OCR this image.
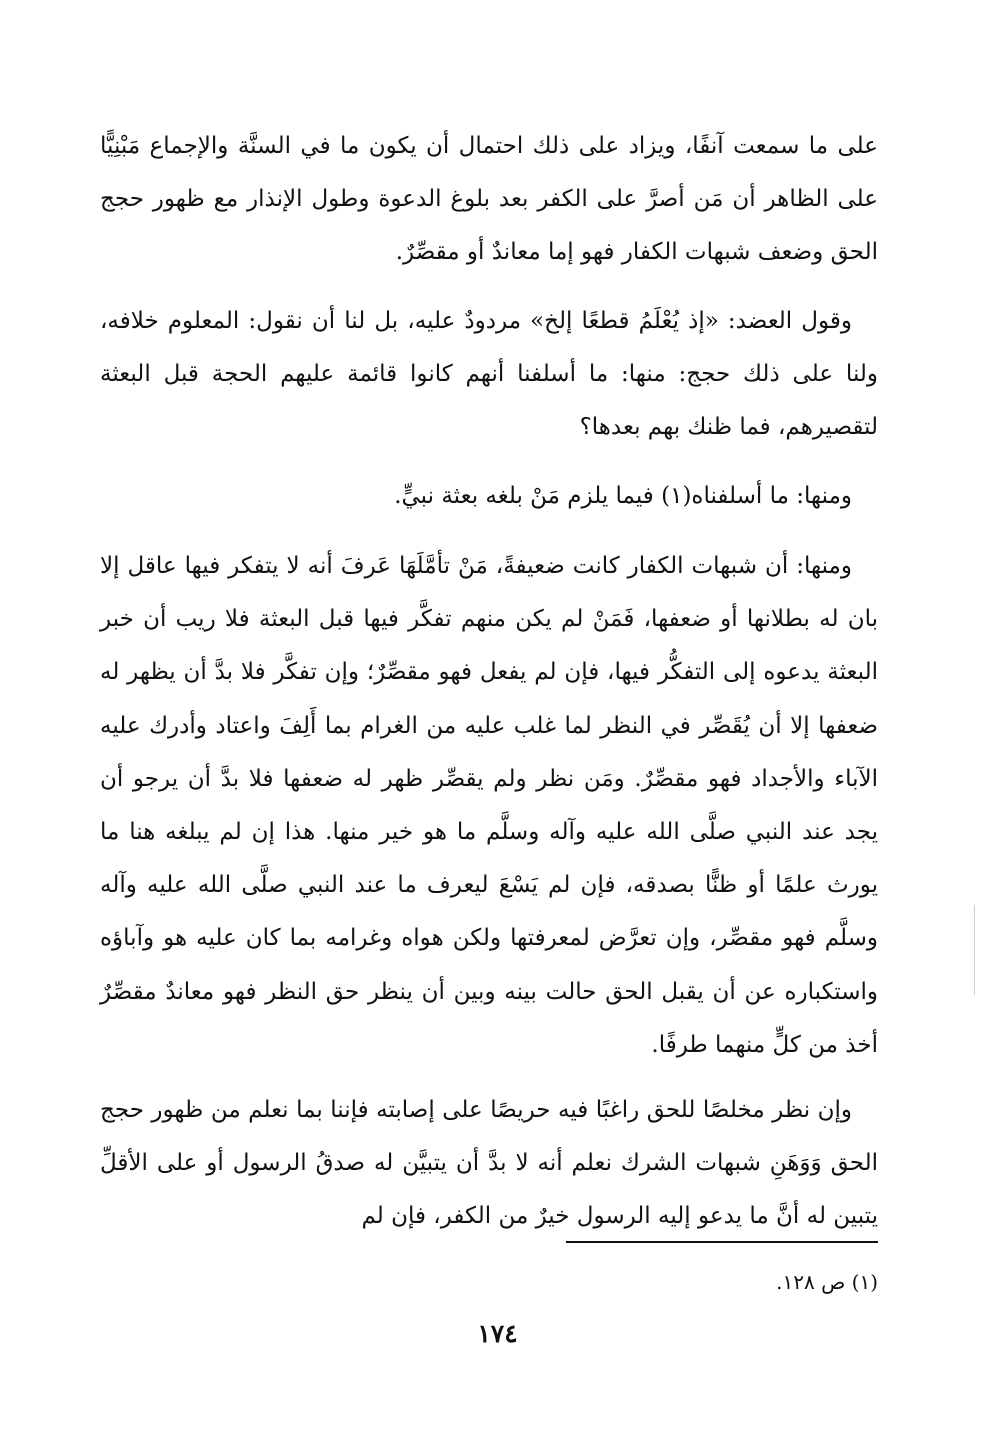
على ما سمعت آنفًا، ويزاد على ذلك احتمال أن يكون ما في السنَّة والإجماع مَبْنِيًّا على الظاهر أن مَن أصرَّ على الكفر بعد بلوغ الدعوة وطول الإنذار مع ظهور حجج الحق وضعف شبهات الكفار فهو إما معاندٌ أو مقصِّرٌ.

وقول العضد: «إذ يُعْلَمُ قطعًا إلخ» مردودٌ عليه، بل لنا أن نقول: المعلوم خلافه، ولنا على ذلك حجج: منها: ما أسلفنا أنهم كانوا قائمة عليهم الحجة قبل البعثة لتقصيرهم، فما ظنك بهم بعدها؟

ومنها: ما أسلفناه(١) فيما يلزم مَنْ بلغه بعثة نبيٍّ.

ومنها: أن شبهات الكفار كانت ضعيفةً، مَنْ تأمَّلَهَا عَرفَ أنه لا يتفكر فيها عاقل إلا بان له بطلانها أو ضعفها، فَمَنْ لم يكن منهم تفكَّر فيها قبل البعثة فلا ريب أن خبر البعثة يدعوه إلى التفكُّر فيها، فإن لم يفعل فهو مقصِّرٌ؛ وإن تفكَّر فلا بدَّ أن يظهر له ضعفها إلا أن يُقَصِّر في النظر لما غلب عليه من الغرام بما أَلِفَ واعتاد وأدرك عليه الآباء والأجداد فهو مقصِّرٌ. ومَن نظر ولم يقصِّر ظهر له ضعفها فلا بدَّ أن يرجو أن يجد عند النبي صلَّى الله عليه وآله وسلَّم ما هو خير منها. هذا إن لم يبلغه هنا ما يورث علمًا أو ظنًّا بصدقه، فإن لم يَسْعَ ليعرف ما عند النبي صلَّى الله عليه وآله وسلَّم فهو مقصِّر، وإن تعرَّض لمعرفتها ولكن هواه وغرامه بما كان عليه هو وآباؤه واستكباره عن أن يقبل الحق حالت بينه وبين أن ينظر حق النظر فهو معاندٌ مقصِّرٌ أخذ من كلٍّ منهما طرفًا.

وإن نظر مخلصًا للحق راغبًا فيه حريصًا على إصابته فإننا بما نعلم من ظهور حجج الحق وَوَهَنِ شبهات الشرك نعلم أنه لا بدَّ أن يتبيَّن له صدقُ الرسول أو على الأقلِّ يتبين له أنَّ ما يدعو إليه الرسول خيرٌ من الكفر، فإن لم

(١) ص ١٢٨.
١٧٤
